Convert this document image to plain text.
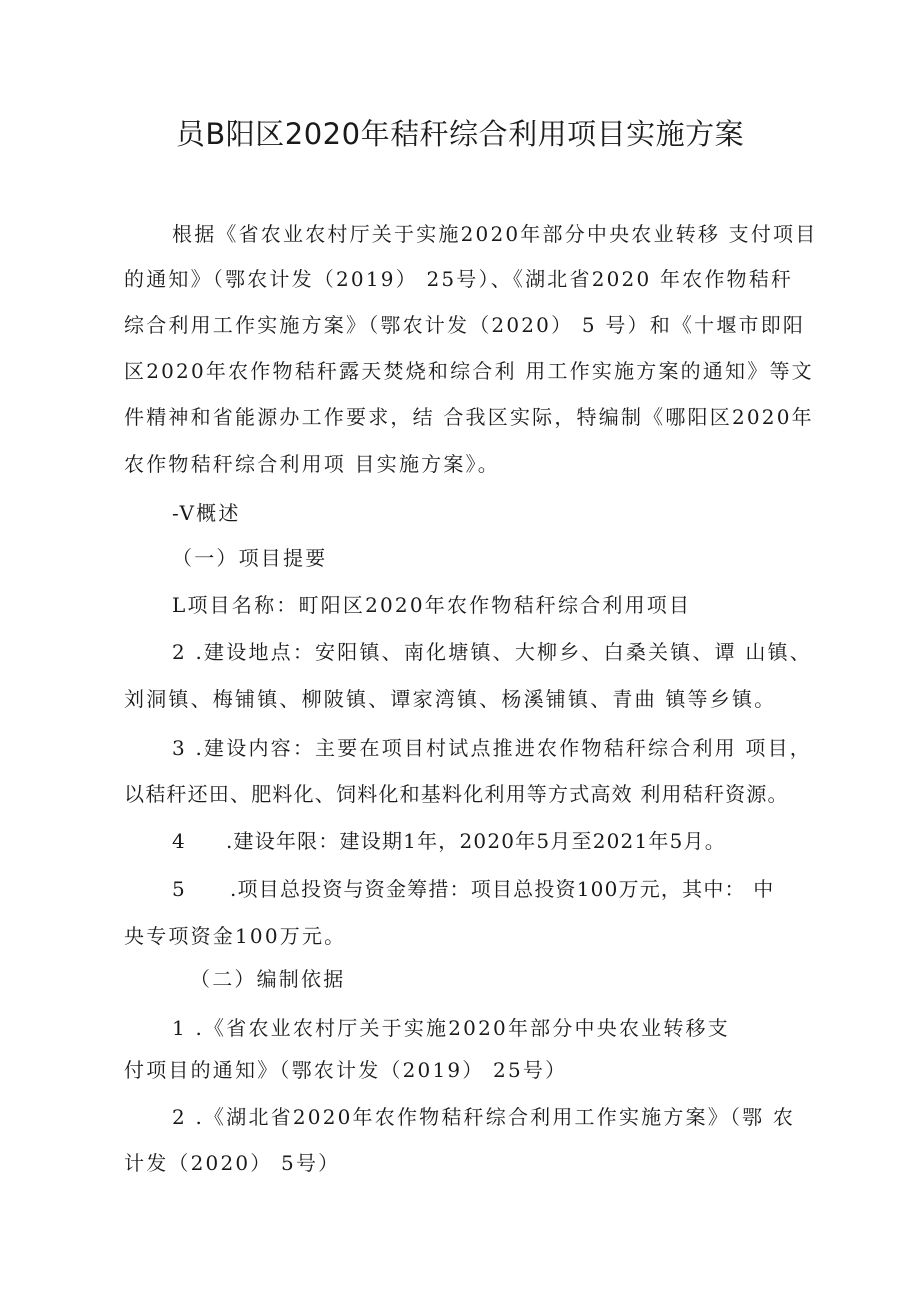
员B阳区2020年秸秆综合利用项目实施方案
根据《省农业农村厅关于实施2020年部分中央农业转移 支付项目
的通知》（鄂农计发（2019） 25号）、《湖北省2020 年农作物秸秆
综合利用工作实施方案》（鄂农计发（2020） 5 号）和《十堰市即阳
区2020年农作物秸秆露天焚烧和综合利 用工作实施方案的通知》等文
件精神和省能源办工作要求，结 合我区实际，特编制《哪阳区2020年
农作物秸秆综合利用项 目实施方案》。
-V概述
（一）项目提要
L项目名称：町阳区2020年农作物秸秆综合利用项目
2 .建设地点：安阳镇、南化塘镇、大柳乡、白桑关镇、谭 山镇、
刘洞镇、梅铺镇、柳陂镇、谭家湾镇、杨溪铺镇、青曲 镇等乡镇。
3 .建设内容：主要在项目村试点推进农作物秸秆综合利用 项目，
以秸秆还田、肥料化、饲料化和基料化利用等方式高效 利用秸秆资源。
4 .建设年限：建设期1年，2020年5月至2021年5月。
5 .项目总投资与资金筹措：项目总投资100万元，其中： 中
央专项资金100万元。
（二）编制依据
1 .《省农业农村厅关于实施2020年部分中央农业转移支
付项目的通知》（鄂农计发（2019） 25号）
2 .《湖北省2020年农作物秸秆综合利用工作实施方案》（鄂 农
计发（2020） 5号）
